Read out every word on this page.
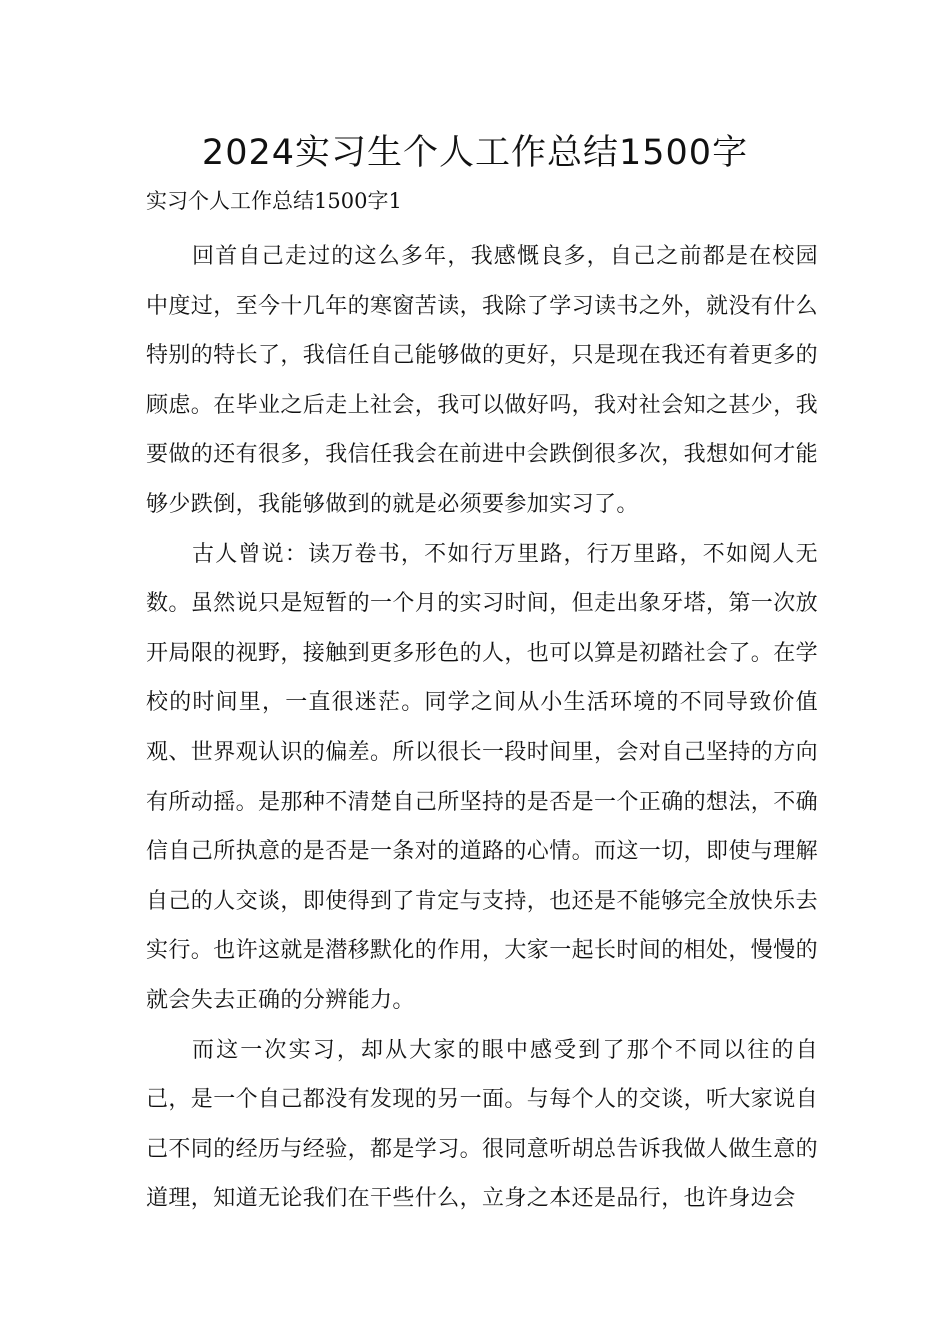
2024实习生个人工作总结1500字
实习个人工作总结1500字1

回首自己走过的这么多年，我感慨良多，自己之前都是在校园中度过，至今十几年的寒窗苦读，我除了学习读书之外，就没有什么特别的特长了，我信任自己能够做的更好，只是现在我还有着更多的顾虑。在毕业之后走上社会，我可以做好吗，我对社会知之甚少，我要做的还有很多，我信任我会在前进中会跌倒很多次，我想如何才能够少跌倒，我能够做到的就是必须要参加实习了。

古人曾说：读万卷书，不如行万里路，行万里路，不如阅人无数。虽然说只是短暂的一个月的实习时间，但走出象牙塔，第一次放开局限的视野，接触到更多形色的人，也可以算是初踏社会了。在学校的时间里，一直很迷茫。同学之间从小生活环境的不同导致价值观、世界观认识的偏差。所以很长一段时间里，会对自己坚持的方向有所动摇。是那种不清楚自己所坚持的是否是一个正确的想法，不确信自己所执意的是否是一条对的道路的心情。而这一切，即使与理解自己的人交谈，即使得到了肯定与支持，也还是不能够完全放快乐去实行。也许这就是潜移默化的作用，大家一起长时间的相处，慢慢的就会失去正确的分辨能力。

而这一次实习，却从大家的眼中感受到了那个不同以往的自己，是一个自己都没有发现的另一面。与每个人的交谈，听大家说自己不同的经历与经验，都是学习。很同意听胡总告诉我做人做生意的道理，知道无论我们在干些什么，立身之本还是品行，也许身边会
